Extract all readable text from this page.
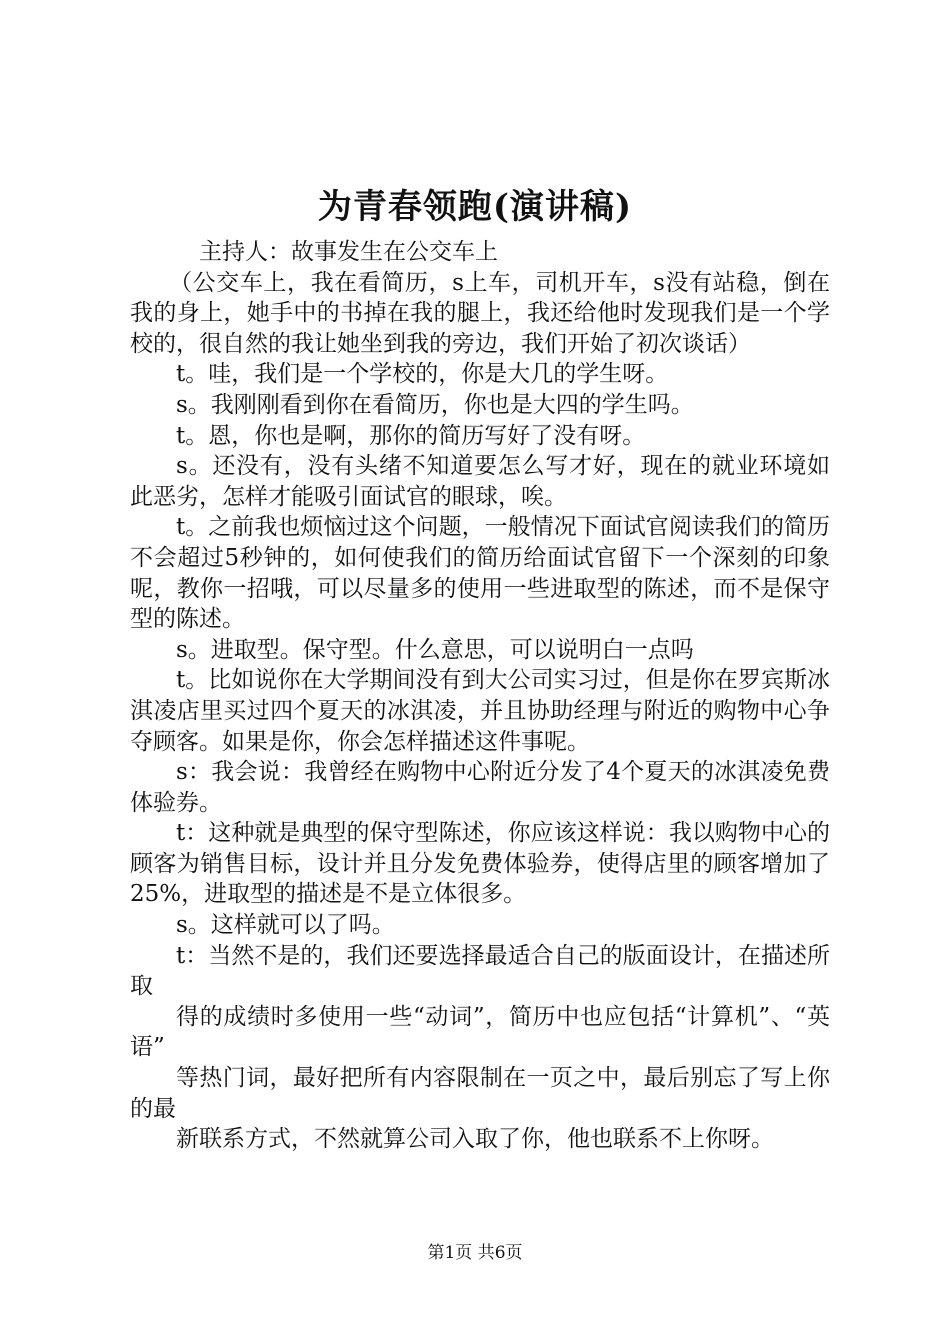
为青春领跑(演讲稿)

主持人：故事发生在公交车上

（公交车上，我在看简历，s上车，司机开车，s没有站稳，倒在我的身上，她手中的书掉在我的腿上，我还给他时发现我们是一个学校的，很自然的我让她坐到我的旁边，我们开始了初次谈话）

t。哇，我们是一个学校的，你是大几的学生呀。

s。我刚刚看到你在看简历，你也是大四的学生吗。

t。恩，你也是啊，那你的简历写好了没有呀。

s。还没有，没有头绪不知道要怎么写才好，现在的就业环境如此恶劣，怎样才能吸引面试官的眼球，唉。

t。之前我也烦恼过这个问题，一般情况下面试官阅读我们的简历不会超过5秒钟的，如何使我们的简历给面试官留下一个深刻的印象呢，教你一招哦，可以尽量多的使用一些进取型的陈述，而不是保守型的陈述。

s。进取型。保守型。什么意思，可以说明白一点吗

t。比如说你在大学期间没有到大公司实习过，但是你在罗宾斯冰淇凌店里买过四个夏天的冰淇凌，并且协助经理与附近的购物中心争夺顾客。如果是你，你会怎样描述这件事呢。

s：我会说：我曾经在购物中心附近分发了4个夏天的冰淇凌免费体验券。

t：这种就是典型的保守型陈述，你应该这样说：我以购物中心的顾客为销售目标，设计并且分发免费体验券，使得店里的顾客增加了25%，进取型的描述是不是立体很多。

s。这样就可以了吗。

t：当然不是的，我们还要选择最适合自己的版面设计，在描述所取

得的成绩时多使用一些“动词”，简历中也应包括“计算机”、“英语”

等热门词，最好把所有内容限制在一页之中，最后别忘了写上你的最

新联系方式，不然就算公司入取了你，他也联系不上你呀。

第1页 共6页
